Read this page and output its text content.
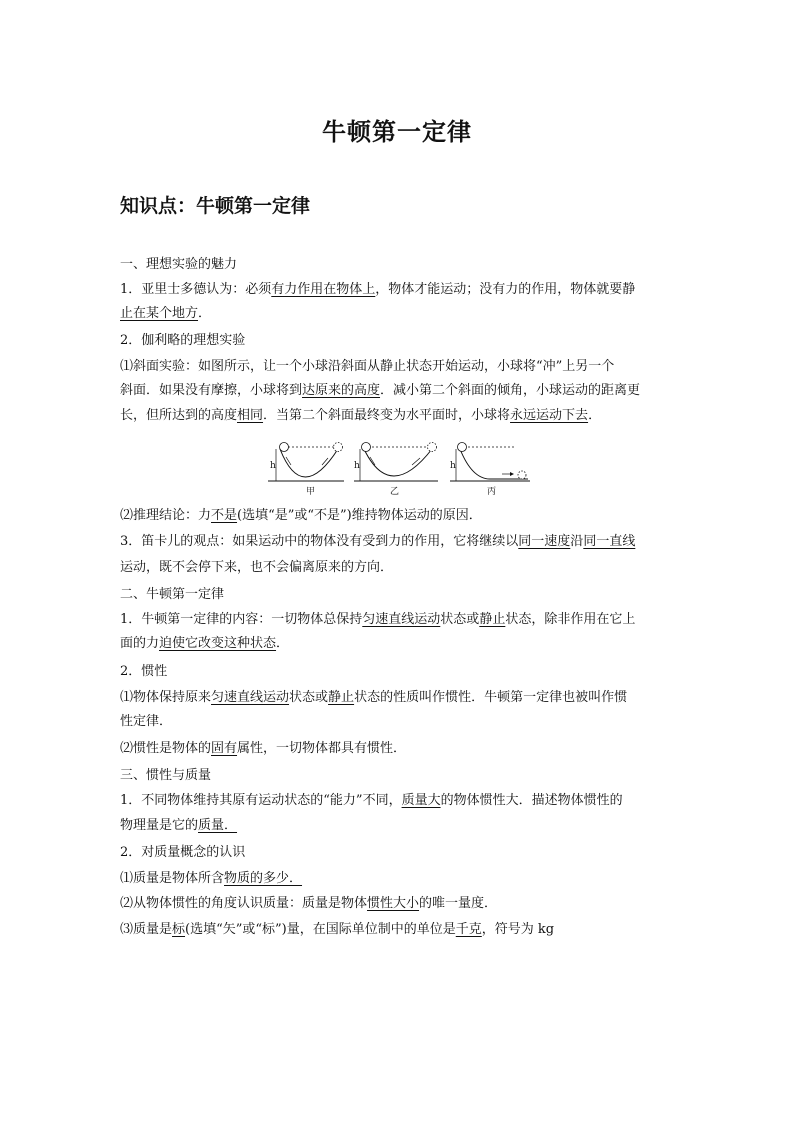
牛顿第一定律
知识点：牛顿第一定律
一、理想实验的魅力
1．亚里士多德认为：必须有力作用在物体上，物体才能运动；没有力的作用，物体就要静
止在某个地方．
2．伽利略的理想实验
⑴斜面实验：如图所示，让一个小球沿斜面从静止状态开始运动，小球将“冲”上另一个
斜面．如果没有摩擦，小球将到达原来的高度．减小第二个斜面的倾角，小球运动的距离更
长，但所达到的高度相同．当第二个斜面最终变为水平面时，小球将永远运动下去．
⑵推理结论：力不是(选填“是”或“不是”)维持物体运动的原因．
3．笛卡儿的观点：如果运动中的物体没有受到力的作用，它将继续以同一速度沿同一直线
运动，既不会停下来，也不会偏离原来的方向．
二、牛顿第一定律
1．牛顿第一定律的内容：一切物体总保持匀速直线运动状态或静止状态，除非作用在它上
面的力迫使它改变这种状态．
2．惯性
⑴物体保持原来匀速直线运动状态或静止状态的性质叫作惯性．牛顿第一定律也被叫作惯
性定律．
⑵惯性是物体的固有属性，一切物体都具有惯性．
三、惯性与质量
1．不同物体维持其原有运动状态的“能力”不同，质量大的物体惯性大．描述物体惯性的
物理量是它的质量．
2．对质量概念的认识
⑴质量是物体所含物质的多少．
⑵从物体惯性的角度认识质量：质量是物体惯性大小的唯一量度．
⑶质量是标(选填“矢”或“标”)量，在国际单位制中的单位是千克，符号为 kg
h
甲
h
乙
h
丙
